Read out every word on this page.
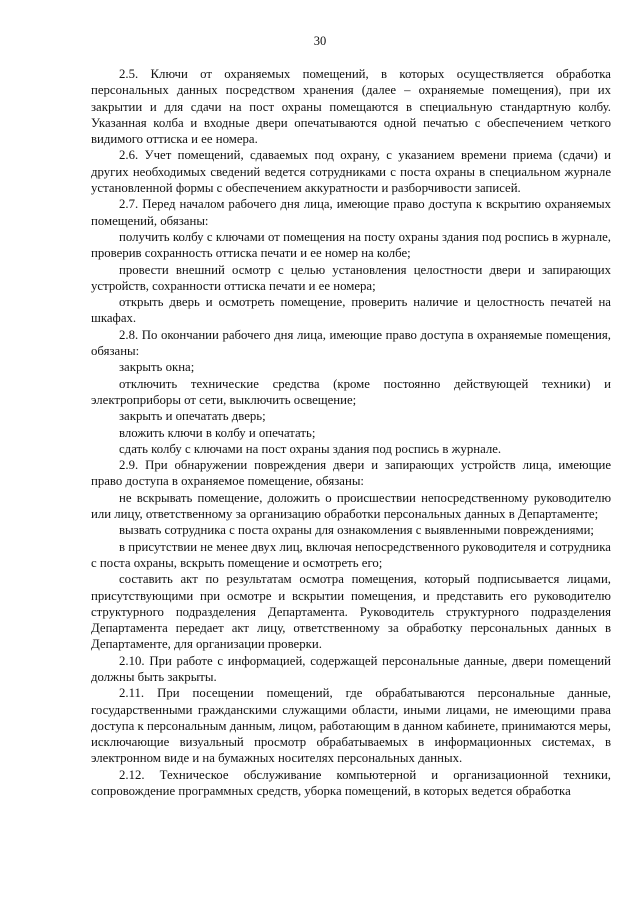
30

2.5. Ключи от охраняемых помещений, в которых осуществляется обработка персональных данных посредством хранения (далее – охраняемые помещения), при их закрытии и для сдачи на пост охраны помещаются в специальную стандартную колбу. Указанная колба и входные двери опечатываются одной печатью с обеспечением четкого видимого оттиска и ее номера.

2.6. Учет помещений, сдаваемых под охрану, с указанием времени приема (сдачи) и других необходимых сведений ведется сотрудниками с поста охраны в специальном журнале установленной формы с обеспечением аккуратности и разборчивости записей.

2.7. Перед началом рабочего дня лица, имеющие право доступа к вскрытию охраняемых помещений, обязаны:

получить колбу с ключами от помещения на посту охраны здания под роспись в журнале, проверив сохранность оттиска печати и ее номер на колбе;

провести внешний осмотр с целью установления целостности двери и запирающих устройств, сохранности оттиска печати и ее номера;

открыть дверь и осмотреть помещение, проверить наличие и целостность печатей на шкафах.

2.8. По окончании рабочего дня лица, имеющие право доступа в охраняемые помещения, обязаны:

закрыть окна;

отключить технические средства (кроме постоянно действующей техники) и электроприборы от сети, выключить освещение;

закрыть и опечатать дверь;

вложить ключи в колбу и опечатать;

сдать колбу с ключами на пост охраны здания под роспись в журнале.

2.9. При обнаружении повреждения двери и запирающих устройств лица, имеющие право доступа в охраняемое помещение, обязаны:

не вскрывать помещение, доложить о происшествии непосредственному руководителю или лицу, ответственному за организацию обработки персональных данных в Департаменте;

вызвать сотрудника с поста охраны для ознакомления с выявленными повреждениями;

в присутствии не менее двух лиц, включая непосредственного руководителя и сотрудника с поста охраны, вскрыть помещение и осмотреть его;

составить акт по результатам осмотра помещения, который подписывается лицами, присутствующими при осмотре и вскрытии помещения, и представить его руководителю структурного подразделения Департамента. Руководитель структурного подразделения Департамента передает акт лицу, ответственному за обработку персональных данных в Департаменте, для организации проверки.

2.10. При работе с информацией, содержащей персональные данные, двери помещений должны быть закрыты.

2.11. При посещении помещений, где обрабатываются персональные данные, государственными гражданскими служащими области, иными лицами, не имеющими права доступа к персональным данным, лицом, работающим в данном кабинете, принимаются меры, исключающие визуальный просмотр обрабатываемых в информационных системах, в электронном виде и на бумажных носителях персональных данных.

2.12. Техническое обслуживание компьютерной и организационной техники, сопровождение программных средств, уборка помещений, в которых ведется обработка
